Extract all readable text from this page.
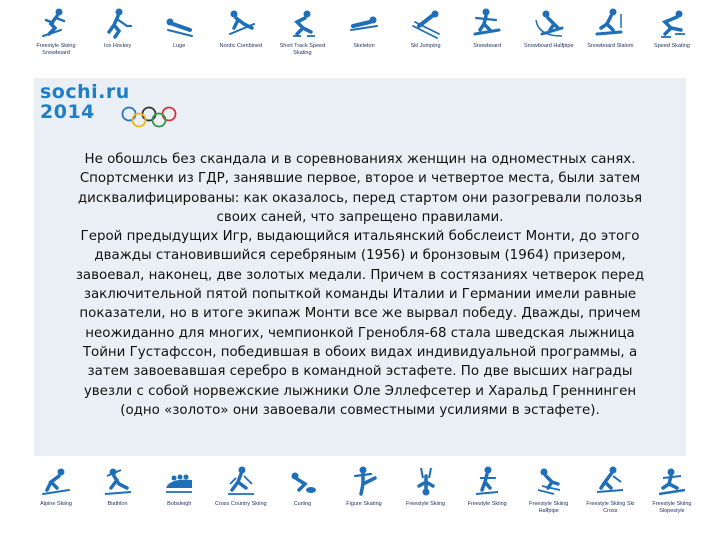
Freestyle Skiing Snowboard
Ice Hockey	Luge	Nordic Combined	Short Track Speed Skating
Skeleton	Ski Jumping	Snowboard	Snowboard Halfpipe	Snowboard Slalom	Speed Skating
sochi.ru
2014
Не обошлсь без скандала и в соревнованиях женщин на одноместных санях.
Спортсменки из ГДР, занявшие первое, второе и четвертое места, были затем
дисквалифицированы: как оказалось, перед стартом они разогревали полозья
своих саней, что запрещено правилами.
Герой предыдущих Игр, выдающийся итальянский бобслеист Монти, до этого
дважды становившийся серебряным (1956) и бронзовым (1964) призером,
завоевал, наконец, две золотых медали. Причем в состязаниях четверок перед
заключительной пятой попыткой команды Италии и Германии имели равные
показатели, но в итоге экипаж Монти все же вырвал победу. Дважды, причем
неожиданно для многих, чемпионкой Гренобля-68 стала шведская лыжница
Тойни Густафссон, победившая в обоих видах индивидуальной программы, а
затем завоевавшая серебро в командной эстафете. По две высших награды
увезли с собой норвежские лыжники Оле Эллефсетер и Харальд Греннинген
(одно «золото» они завоевали совместными усилиями в эстафете).
Alpine Skiing	Biathlon	Bobsleigh	Cross Country Skiing	Curling	Figure Skating	Freestyle Skiing	Freestyle Skiing	Freestyle Skiing Halfpipe
Freestyle Skiing Ski Cross
Freestyle Skiing Slopestyle
